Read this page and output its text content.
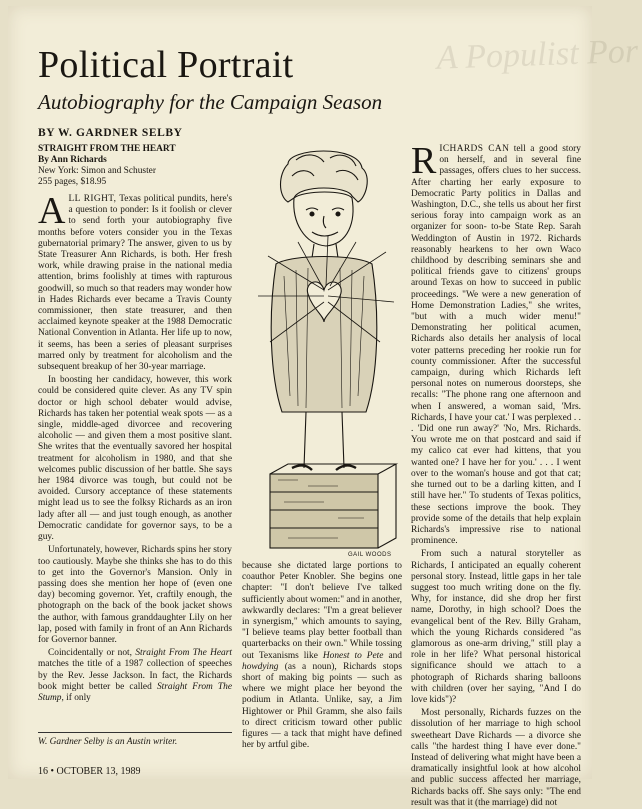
A Populist Por
Political Portrait
Autobiography for the Campaign Season
BY W. GARDNER SELBY
STRAIGHT FROM THE HEART
By Ann Richards
New York: Simon and Schuster
255 pages, $18.95

ALL RIGHT, Texas political pundits, here's a question to ponder: Is it foolish or clever to send forth your autobiography five months before voters consider you in the Texas gubernatorial primary? The answer, given to us by State Treasurer Ann Richards, is both. Her fresh work, while drawing praise in the national media attention, brims foolishly at times with rapturous goodwill, so much so that readers may wonder how in Hades Richards ever became a Travis County commissioner, then state treasurer, and then acclaimed keynote speaker at the 1988 Democratic National Convention in Atlanta. Her life up to now, it seems, has been a series of pleasant surprises marred only by treatment for alcoholism and the subsequent breakup of her 30-year marriage.

In boosting her candidacy, however, this work could be considered quite clever. As any TV spin doctor or high school debater would advise, Richards has taken her potential weak spots — as a single, middle-aged divorcee and recovering alcoholic — and given them a most positive slant. She writes that the eventually savored her hospital treatment for alcoholism in 1980, and that she welcomes public discussion of her battle. She says her 1984 divorce was tough, but could not be avoided. Cursory acceptance of these statements might lead us to see the folksy Richards as an iron lady after all — and just tough enough, as another Democratic candidate for governor says, to be a guy.

Unfortunately, however, Richards spins her story too cautiously. Maybe she thinks she has to do this to get into the Governor's Mansion. Only in passing does she mention her hope of (even one day) becoming governor. Yet, craftily enough, the photograph on the back of the book jacket shows the author, with famous granddaughter Lily on her lap, posed with family in front of an Ann Richards for Governor banner.

Coincidentally or not, Straight From The Heart matches the title of a 1987 collection of speeches by the Rev. Jesse Jackson. In fact, the Richards book might better be called Straight From The Stump, if only

GAIL WOODS

because she dictated large portions to coauthor Peter Knobler. She begins one chapter: "I don't believe I've talked sufficiently about women:" and in another, awkwardly declares: "I'm a great believer in synergism," which amounts to saying, "I believe teams play better football than quarterbacks on their own." While tossing out Texanisms like Honest to Pete and howdying (as a noun), Richards stops short of making big points — such as where we might place her beyond the podium in Atlanta. Unlike, say, a Jim Hightower or Phil Gramm, she also fails to direct criticism toward other public figures — a tack that might have defined her by artful gibe.

RICHARDS CAN tell a good story on herself, and in several fine passages, offers clues to her success. After charting her early exposure to Democratic Party politics in Dallas and Washington, D.C., she tells us about her first serious foray into campaign work as an organizer for soon- to-be State Rep. Sarah Weddington of Austin in 1972. Richards reasonably hearkens to her own Waco childhood by describing seminars she and political friends gave to citizens' groups around Texas on how to succeed in public proceedings. "We were a new generation of Home Demonstration Ladies," she writes, "but with a much wider menu!" Demonstrating her political acumen, Richards also details her analysis of local voter patterns preceding her rookie run for county commissioner. After the successful campaign, during which Richards left personal notes on numerous doorsteps, she recalls: "The phone rang one afternoon and when I answered, a woman said, 'Mrs. Richards, I have your cat.' I was perplexed . . . 'Did one run away?' 'No, Mrs. Richards. You wrote me on that postcard and said if my calico cat ever had kittens, that you wanted one? I have her for you.' . . . I went over to the woman's house and got that cat; she turned out to be a darling kitten, and I still have her." To students of Texas politics, these sections improve the book. They provide some of the details that help explain Richards's impressive rise to national prominence.

From such a natural storyteller as Richards, I anticipated an equally coherent personal story. Instead, little gaps in her tale suggest too much writing done on the fly. Why, for instance, did she drop her first name, Dorothy, in high school? Does the evangelical bent of the Rev. Billy Graham, which the young Richards considered "as glamorous as one-arm driving," still play a role in her life? What personal historical significance should we attach to a photograph of Richards sharing balloons with children (over her saying, "And I do love kids")?

Most personally, Richards fuzzes on the dissolution of her marriage to high school sweetheart Dave Richards — a divorce she calls "the hardest thing I have ever done." Instead of delivering what might have been a dramatically insightful look at how alcohol and public success affected her marriage, Richards backs off. She says only: "The end result was that it (the marriage) did not

W. Gardner Selby is an Austin writer.
16 • OCTOBER 13, 1989
